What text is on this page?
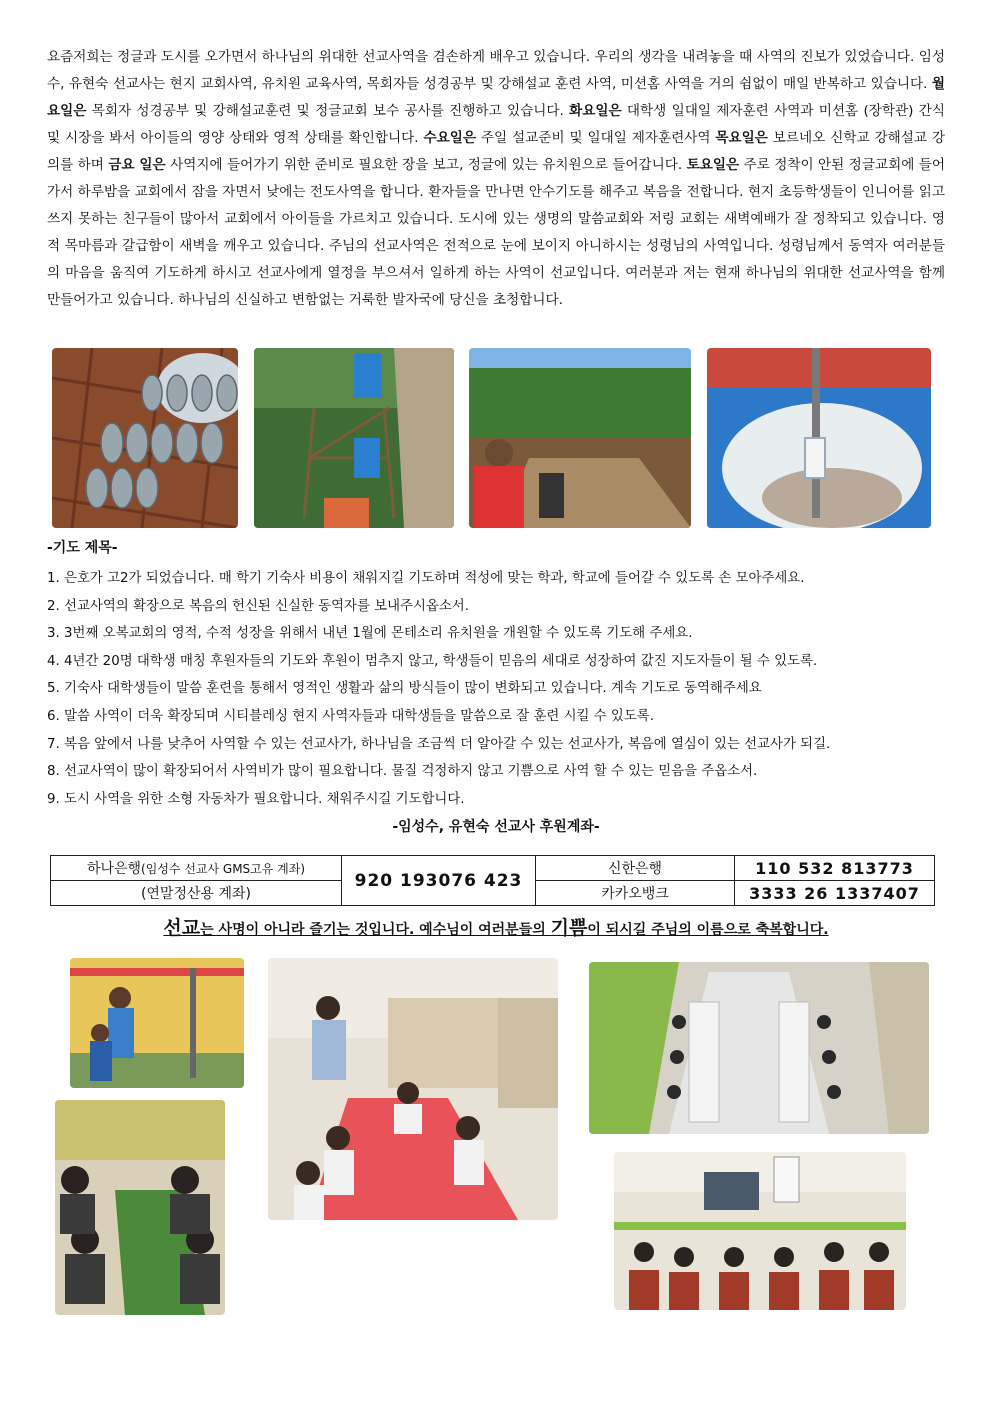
요즘저희는 정글과 도시를 오가면서 하나님의 위대한 선교사역을 겸손하게 배우고 있습니다. 우리의 생각을 내려놓을 때 사역의 진보가 있었습니다. 임성수, 유현숙 선교사는 현지 교회사역, 유치원 교육사역, 목회자들 성경공부 및 강해설교 훈련 사역, 미션홈 사역을 거의 쉼없이 매일 반복하고 있습니다. 월요일은 목회자 성경공부 및 강해설교훈련 및 정글교회 보수 공사를 진행하고 있습니다. 화요일은 대학생 일대일 제자훈련 사역과 미션홈 (장학관) 간식 및 시장을 봐서 아이들의 영양 상태와 영적 상태를 확인합니다. 수요일은 주일 설교준비 및 일대일 제자훈련사역 목요일은 보르네오 신학교 강해설교 강의를 하며 금요 일은 사역지에 들어가기 위한 준비로 필요한 장을 보고, 정글에 있는 유치원으로 들어갑니다. 토요일은 주로 정착이 안된 정글교회에 들어가서 하루밤을 교회에서 잠을 자면서 낮에는 전도사역을 합니다. 환자들을 만나면 안수기도를 해주고 복음을 전합니다. 현지 초등학생들이 인니어를 읽고 쓰지 못하는 친구들이 많아서 교회에서 아이들을 가르치고 있습니다. 도시에 있는 생명의 말씀교회와 저링 교회는 새벽예배가 잘 정착되고 있습니다. 영적 목마름과 갈급함이 새벽을 깨우고 있습니다. 주님의 선교사역은 전적으로 눈에 보이지 아니하시는 성령님의 사역입니다. 성령님께서 동역자 여러분들의 마음을 움직여 기도하게 하시고 선교사에게 열정을 부으셔서 일하게 하는 사역이 선교입니다. 여러분과 저는 현재 하나님의 위대한 선교사역을 함께 만들어가고 있습니다. 하나님의 신실하고 변함없는 거룩한 발자국에 당신을 초청합니다.
-기도 제목-
1. 은호가 고2가 되었습니다. 매 학기 기숙사 비용이 채워지길 기도하며 적성에 맞는 학과, 학교에 들어갈 수 있도록 손 모아주세요.
2. 선교사역의 확장으로 복음의 헌신된 신실한 동역자를 보내주시옵소서.
3. 3번째 오복교회의 영적, 수적 성장을 위해서 내년 1월에 몬테소리 유치원을 개원할 수 있도록 기도해 주세요.
4. 4년간 20명 대학생 매칭 후원자들의 기도와 후원이 멈추지 않고, 학생들이 믿음의 세대로 성장하여 값진 지도자들이 될 수 있도록.
5. 기숙사 대학생들이 말씀 훈련을 통해서 영적인 생활과 삶의 방식들이 많이 변화되고 있습니다. 계속 기도로 동역해주세요
6. 말씀 사역이 더욱 확장되며 시티블레싱 현지 사역자들과 대학생들을 말씀으로 잘 훈련 시킬 수 있도록.
7. 복음 앞에서 나를 낮추어 사역할 수 있는 선교사가, 하나님을 조금씩 더 알아갈 수 있는 선교사가, 복음에 열심이 있는 선교사가 되길.
8. 선교사역이 많이 확장되어서 사역비가 많이 필요합니다. 물질 걱정하지 않고 기쁨으로 사역 할 수 있는 믿음을 주옵소서.
9. 도시 사역을 위한 소형 자동차가 필요합니다. 채워주시길 기도합니다.
-임성수, 유현숙 선교사 후원계좌-
하나은행(임성수 선교사 GMS고유 계좌)	920 193076 423	신한은행	110 532 813773
(연말정산용 계좌)		카카오뱅크	3333 26 1337407
선교는 사명이 아니라 즐기는 것입니다. 예수님이 여러분들의 기쁨이 되시길 주님의 이름으로 축복합니다.
